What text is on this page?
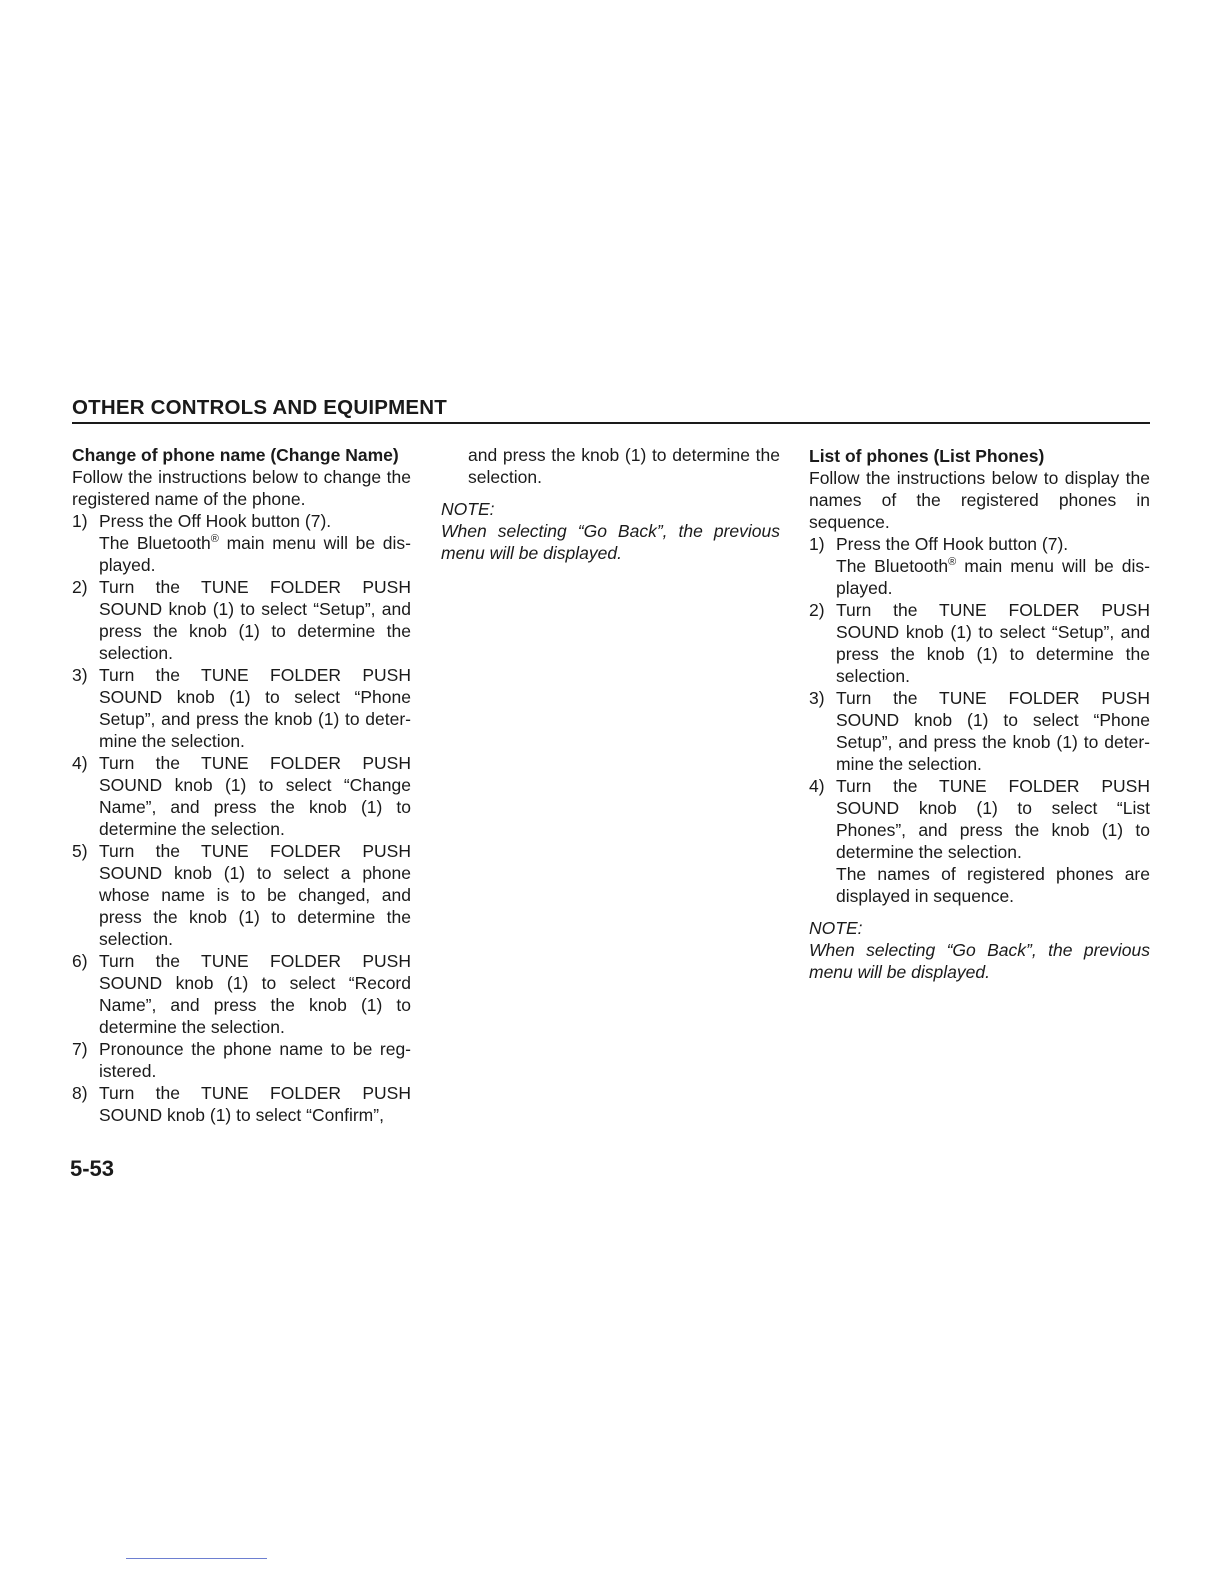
OTHER CONTROLS AND EQUIPMENT
Change of phone name (Change Name)

Follow the instructions below to change the registered name of the phone.

1) Press the Off Hook button (7).
The Bluetooth® main menu will be dis- played.
2) Turn the TUNE FOLDER PUSH SOUND knob (1) to select “Setup”, and press the knob (1) to determine the selection.
3) Turn the TUNE FOLDER PUSH SOUND knob (1) to select “Phone Setup”, and press the knob (1) to deter- mine the selection.
4) Turn the TUNE FOLDER PUSH SOUND knob (1) to select “Change Name”, and press the knob (1) to determine the selection.
5) Turn the TUNE FOLDER PUSH SOUND knob (1) to select a phone whose name is to be changed, and press the knob (1) to determine the selection.
6) Turn the TUNE FOLDER PUSH SOUND knob (1) to select “Record Name”, and press the knob (1) to determine the selection.
7) Pronounce the phone name to be reg- istered.
8) Turn the TUNE FOLDER PUSH SOUND knob (1) to select “Confirm”,

and press the knob (1) to determine the selection.

NOTE:

When selecting “Go Back”, the previous menu will be displayed.

List of phones (List Phones)

Follow the instructions below to display the names of the registered phones in sequence.

1) Press the Off Hook button (7).
The Bluetooth® main menu will be dis- played.
2) Turn the TUNE FOLDER PUSH SOUND knob (1) to select “Setup”, and press the knob (1) to determine the selection.
3) Turn the TUNE FOLDER PUSH SOUND knob (1) to select “Phone Setup”, and press the knob (1) to deter- mine the selection.
4) Turn the TUNE FOLDER PUSH SOUND knob (1) to select “List Phones”, and press the knob (1) to determine the selection.
The names of registered phones are displayed in sequence.

NOTE:

When selecting “Go Back”, the previous menu will be displayed.

5-53
